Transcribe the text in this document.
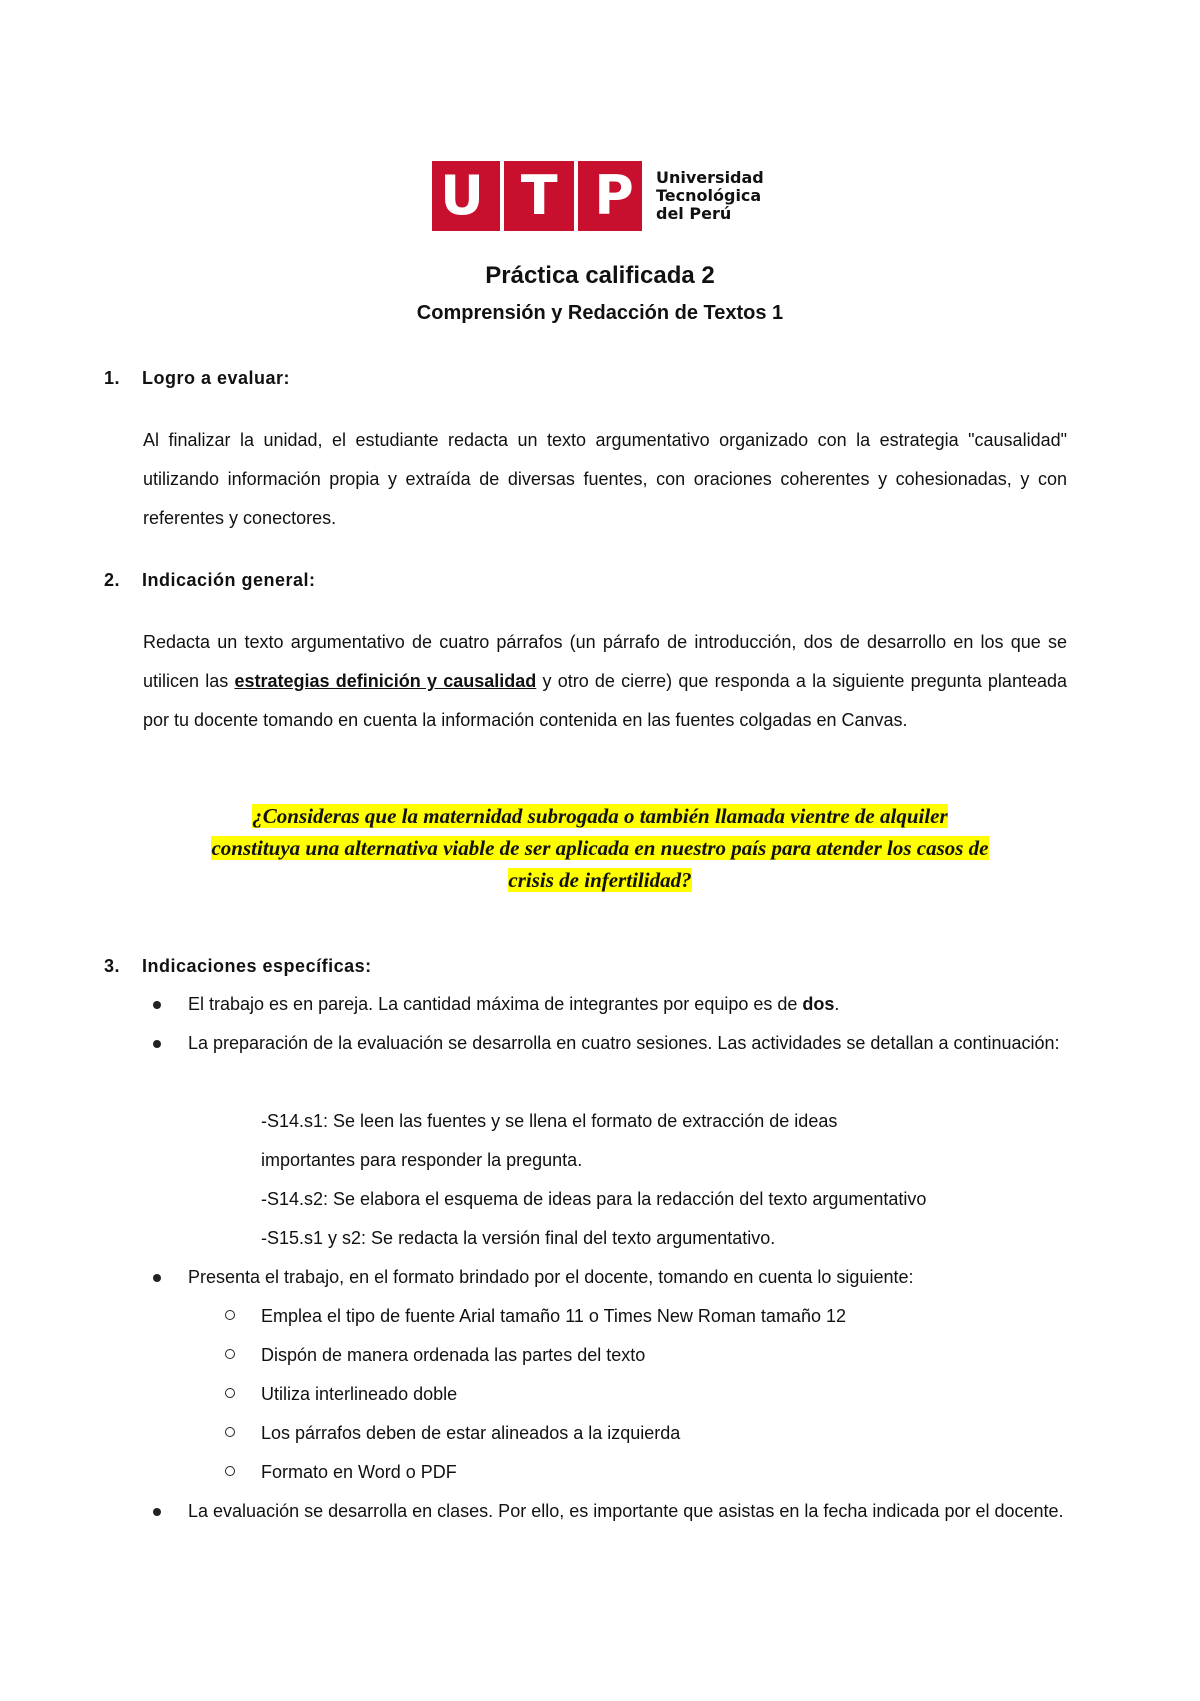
U T P Universidad
Tecnológica
del Perú
Práctica calificada 2
Comprensión y Redacción de Textos 1
1. Logro a evaluar:
Al finalizar la unidad, el estudiante redacta un texto argumentativo organizado con la estrategia "causalidad" utilizando información propia y extraída de diversas fuentes, con oraciones coherentes y cohesionadas, y con referentes y conectores.
2. Indicación general:
Redacta un texto argumentativo de cuatro párrafos (un párrafo de introducción, dos de desarrollo en los que se utilicen las estrategias definición y causalidad y otro de cierre) que responda a la siguiente pregunta planteada por tu docente tomando en cuenta la información contenida en las fuentes colgadas en Canvas.
¿Consideras que la maternidad subrogada o también llamada vientre de alquiler
constituya una alternativa viable de ser aplicada en nuestro país para atender los casos de
crisis de infertilidad?
3. Indicaciones específicas:
El trabajo es en pareja. La cantidad máxima de integrantes por equipo es de dos.
La preparación de la evaluación se desarrolla en cuatro sesiones. Las actividades se detallan a continuación:
-S14.s1: Se leen las fuentes y se llena el formato de extracción de ideas
importantes para responder la pregunta.
-S14.s2: Se elabora el esquema de ideas para la redacción del texto argumentativo
-S15.s1 y s2: Se redacta la versión final del texto argumentativo.
Presenta el trabajo, en el formato brindado por el docente, tomando en cuenta lo siguiente:
Emplea el tipo de fuente Arial tamaño 11 o Times New Roman tamaño 12
Dispón de manera ordenada las partes del texto
Utiliza interlineado doble
Los párrafos deben de estar alineados a la izquierda
Formato en Word o PDF
La evaluación se desarrolla en clases. Por ello, es importante que asistas en la fecha indicada por el docente.
